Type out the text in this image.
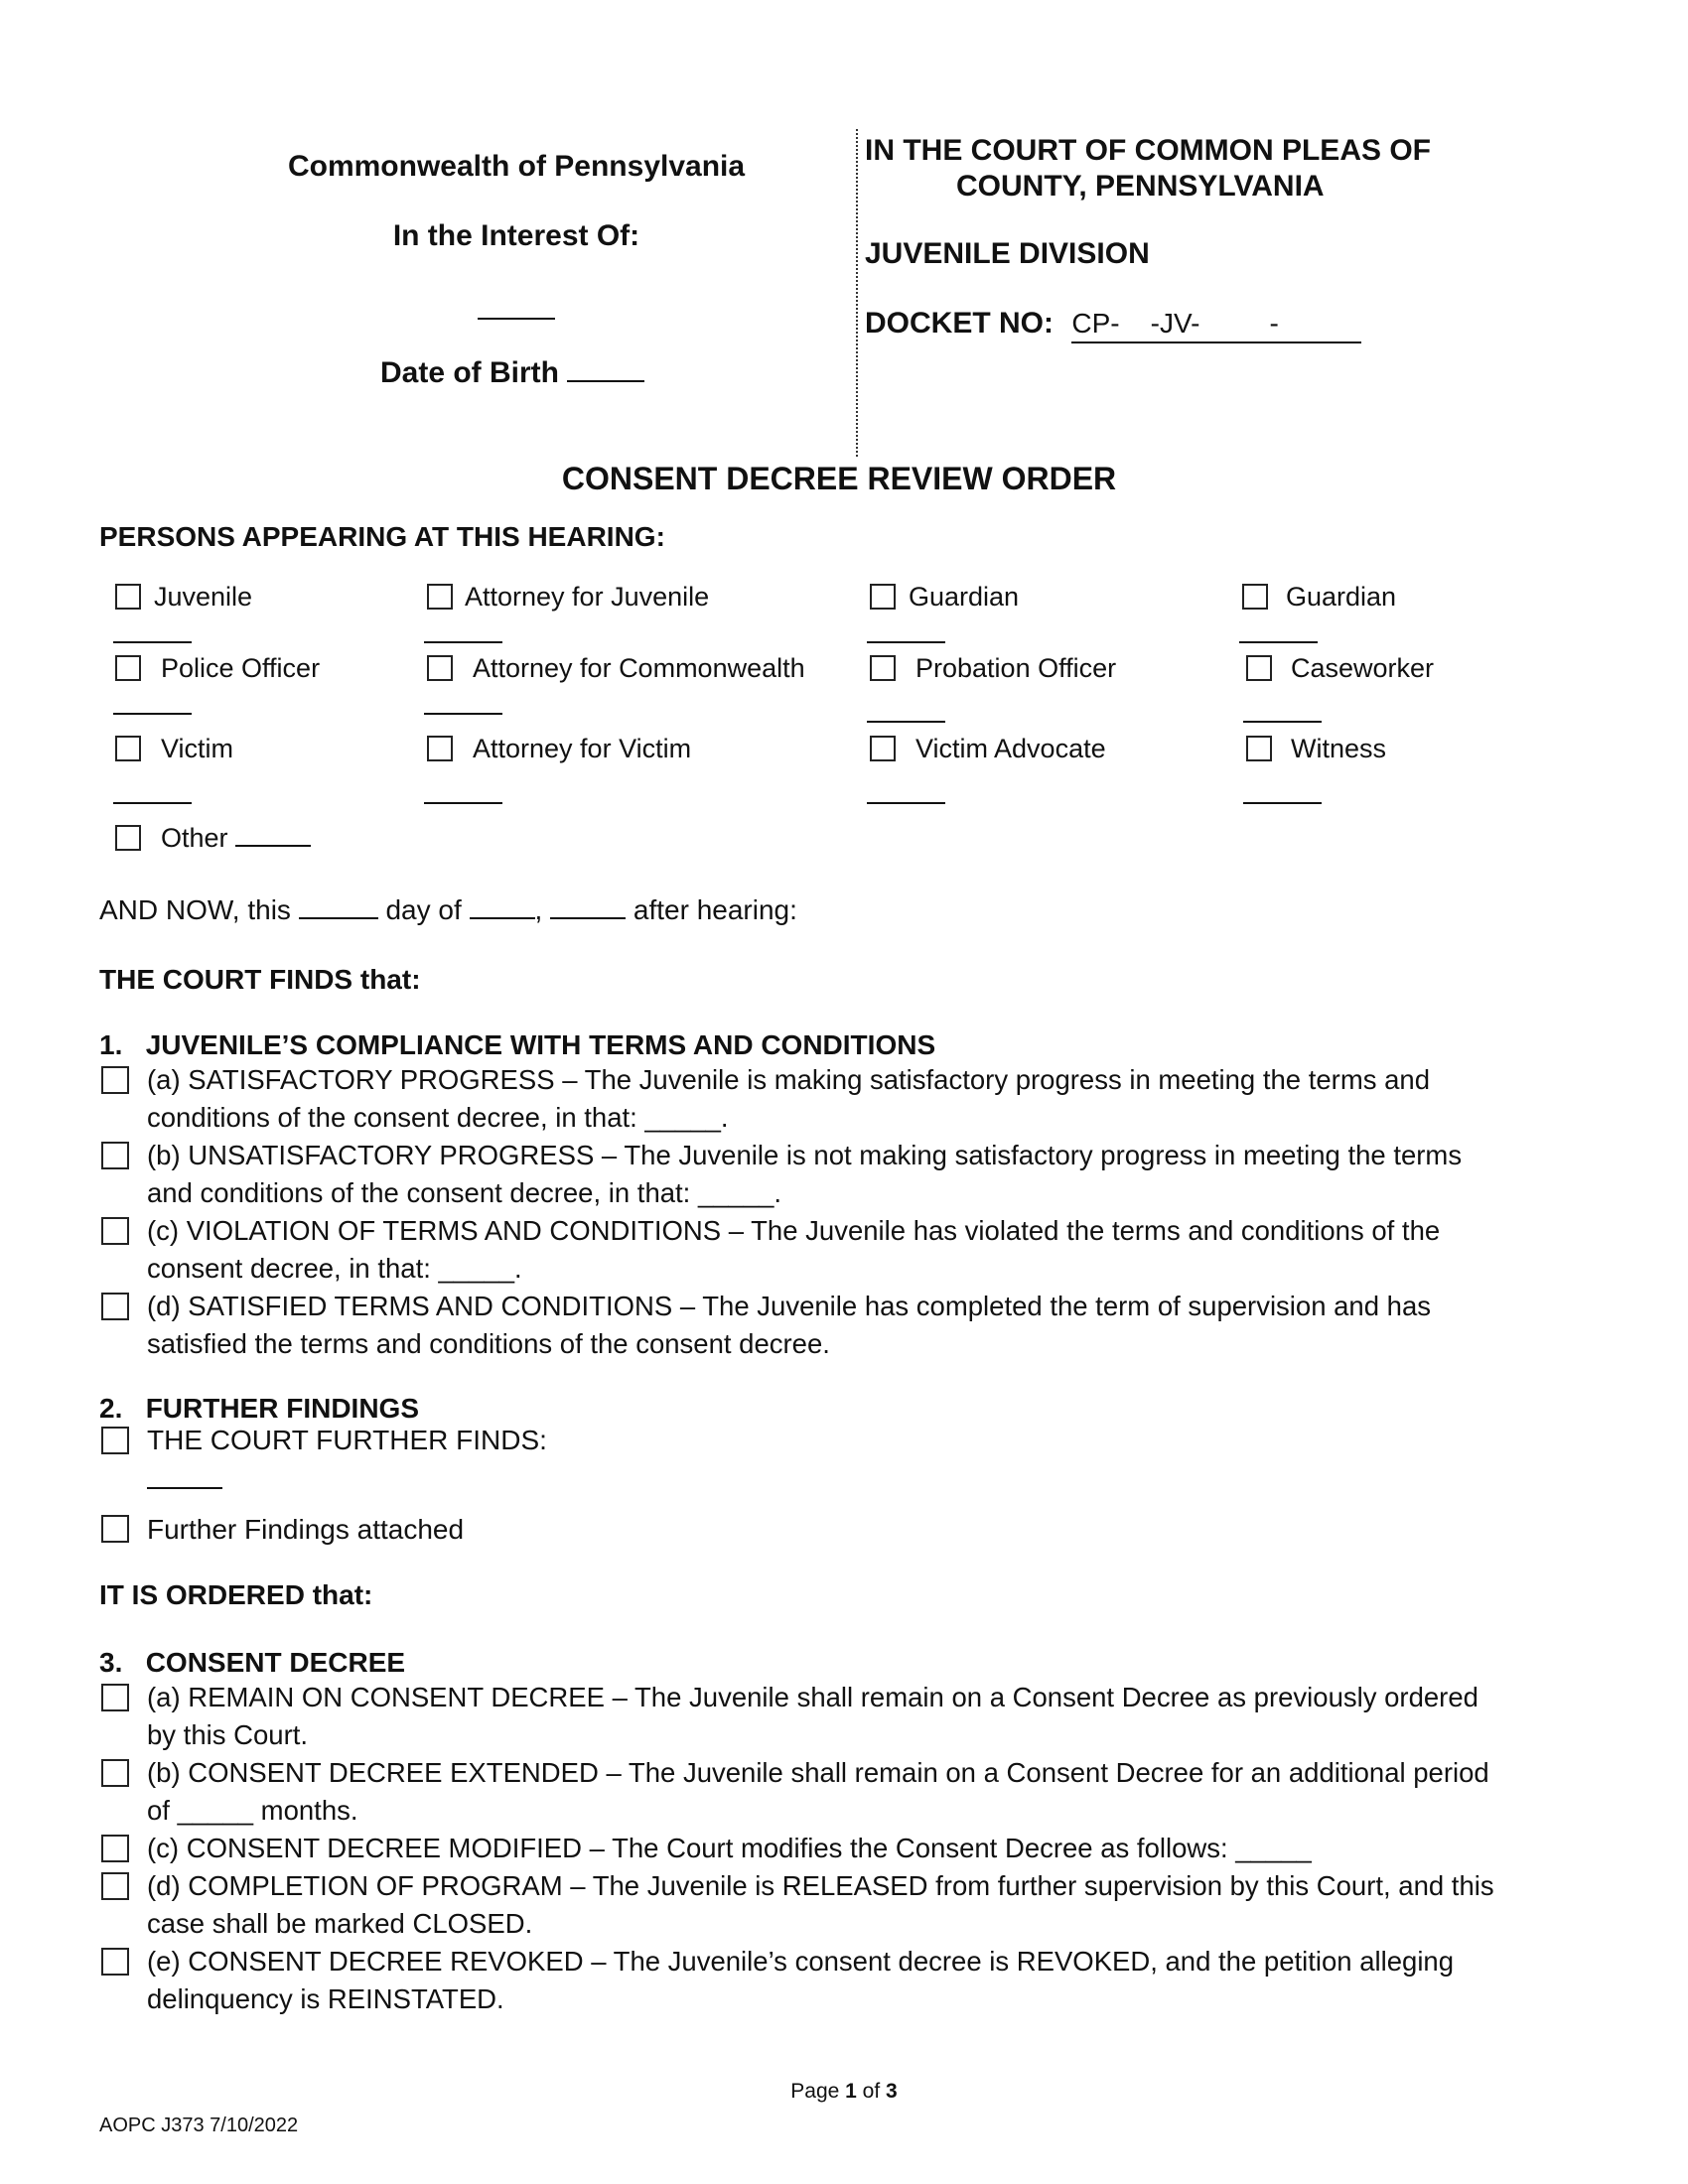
Commonwealth of Pennsylvania
In the Interest Of:
Date of Birth
IN THE COURT OF COMMON PLEAS OF
COUNTY, PENNSYLVANIA
JUVENILE DIVISION
DOCKET NO: CP-    -JV-         -
CONSENT DECREE REVIEW ORDER
PERSONS APPEARING AT THIS HEARING:
Juvenile	Attorney for Juvenile	Guardian	Guardian
Police Officer	Attorney for Commonwealth	Probation Officer	Caseworker
Victim	Attorney for Victim	Victim Advocate	Witness
Other
AND NOW, this	day of	,	after hearing:
THE COURT FINDS that:
1.   JUVENILE’S COMPLIANCE WITH TERMS AND CONDITIONS
(a) SATISFACTORY PROGRESS – The Juvenile is making satisfactory progress in meeting the terms and
conditions of the consent decree, in that: _____.
(b) UNSATISFACTORY PROGRESS – The Juvenile is not making satisfactory progress in meeting the terms
and conditions of the consent decree, in that: _____.
(c) VIOLATION OF TERMS AND CONDITIONS – The Juvenile has violated the terms and conditions of the
consent decree, in that: _____.
(d) SATISFIED TERMS AND CONDITIONS – The Juvenile has completed the term of supervision and has
satisfied the terms and conditions of the consent decree.
2.   FURTHER FINDINGS
THE COURT FURTHER FINDS:
Further Findings attached
IT IS ORDERED that:
3.   CONSENT DECREE
(a) REMAIN ON CONSENT DECREE – The Juvenile shall remain on a Consent Decree as previously ordered
by this Court.
(b) CONSENT DECREE EXTENDED – The Juvenile shall remain on a Consent Decree for an additional period
of _____ months.
(c) CONSENT DECREE MODIFIED – The Court modifies the Consent Decree as follows: _____
(d) COMPLETION OF PROGRAM – The Juvenile is RELEASED from further supervision by this Court, and this
case shall be marked CLOSED.
(e) CONSENT DECREE REVOKED – The Juvenile’s consent decree is REVOKED, and the petition alleging
delinquency is REINSTATED.
Page 1 of 3
AOPC J373 7/10/2022
